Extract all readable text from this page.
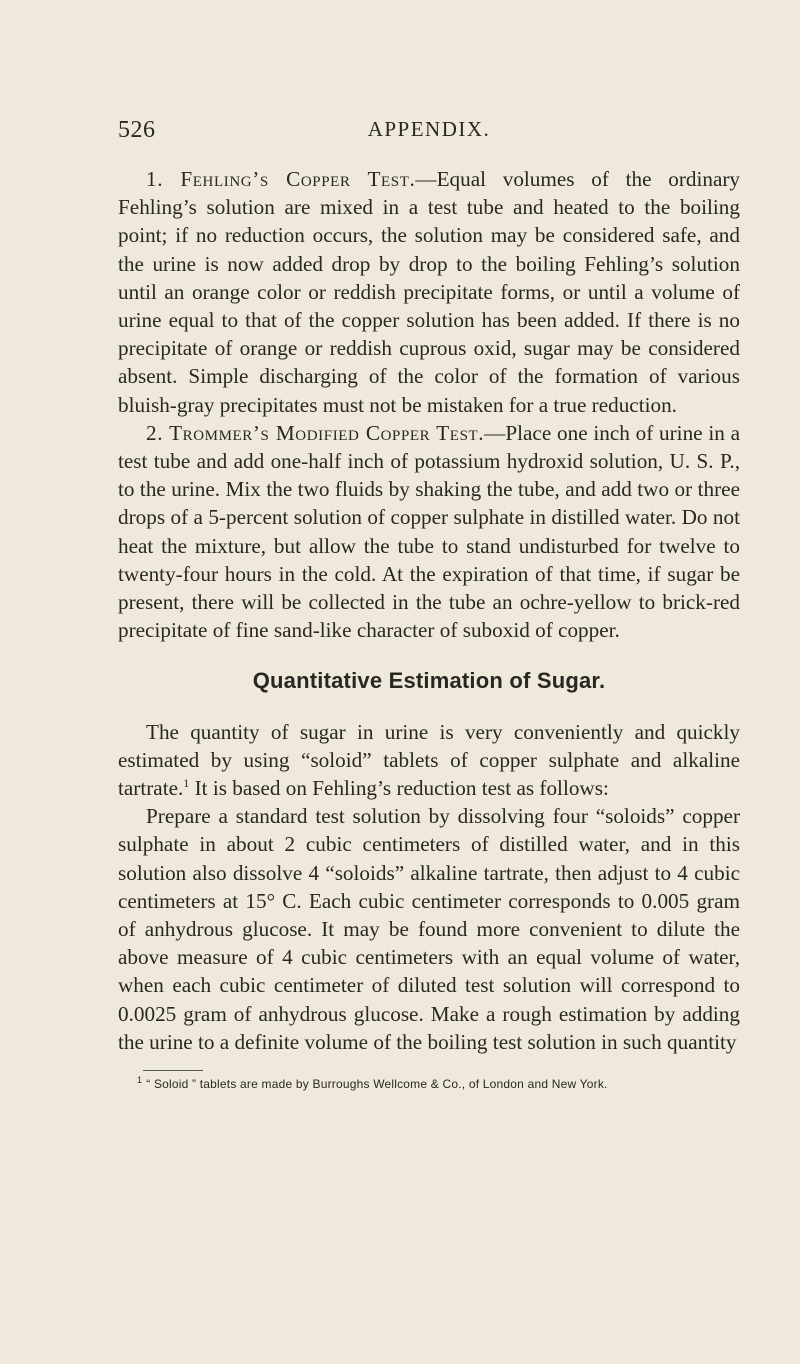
526	APPENDIX.

1. Fehling’s Copper Test.—Equal volumes of the ordinary Fehling’s solution are mixed in a test tube and heated to the boiling point; if no reduction occurs, the solution may be considered safe, and the urine is now added drop by drop to the boiling Fehling’s solution until an orange color or reddish precipitate forms, or until a volume of urine equal to that of the copper solution has been added. If there is no precipitate of orange or reddish cuprous oxid, sugar may be considered absent. Simple discharging of the color of the formation of various bluish-gray precipitates must not be mistaken for a true reduction.

2. Trommer’s Modified Copper Test.—Place one inch of urine in a test tube and add one-half inch of potassium hydroxid solution, U. S. P., to the urine. Mix the two fluids by shaking the tube, and add two or three drops of a 5-percent solution of copper sulphate in distilled water. Do not heat the mixture, but allow the tube to stand undisturbed for twelve to twenty-four hours in the cold. At the expiration of that time, if sugar be present, there will be collected in the tube an ochre-yellow to brick-red precipitate of fine sand-like character of suboxid of copper.

Quantitative Estimation of Sugar.

The quantity of sugar in urine is very conveniently and quickly estimated by using “soloid” tablets of copper sulphate and alkaline tartrate.$^1$ It is based on Fehling’s reduction test as follows:

Prepare a standard test solution by dissolving four “soloids” copper sulphate in about 2 cubic centimeters of distilled water, and in this solution also dissolve 4 “soloids” alkaline tartrate, then adjust to 4 cubic centimeters at 15° C. Each cubic centimeter corresponds to 0.005 gram of anhydrous glucose. It may be found more convenient to dilute the above measure of 4 cubic centimeters with an equal volume of water, when each cubic centimeter of diluted test solution will correspond to 0.0025 gram of anhydrous glucose. Make a rough estimation by adding the urine to a definite volume of the boiling test solution in such quantity

$^1$ “ Soloid ” tablets are made by Burroughs Wellcome & Co., of London and New York.
